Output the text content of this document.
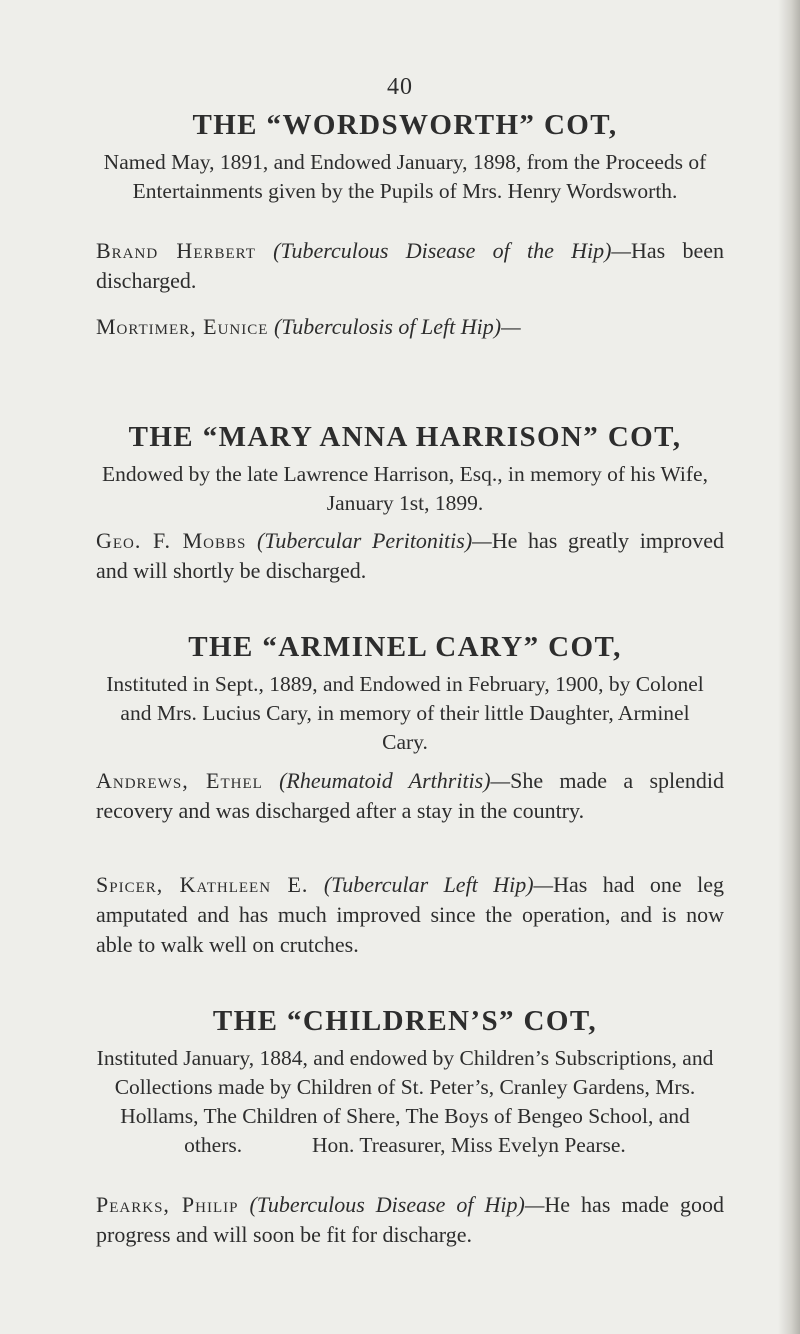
40
THE “WORDSWORTH” COT,

Named May, 1891, and Endowed January, 1898, from the Proceeds of Entertainments given by the Pupils of Mrs. Henry Wordsworth.

Brand Herbert (Tuberculous Disease of the Hip)—Has been discharged.
Mortimer, Eunice (Tuberculosis of Left Hip)—
THE “MARY ANNA HARRISON” COT,

Endowed by the late Lawrence Harrison, Esq., in memory of his Wife, January 1st, 1899.

Geo. F. Mobbs (Tubercular Peritonitis)—He has greatly improved and will shortly be discharged.
THE “ARMINEL CARY” COT,

Instituted in Sept., 1889, and Endowed in February, 1900, by Colonel and Mrs. Lucius Cary, in memory of their little Daughter, Arminel Cary.

Andrews, Ethel (Rheumatoid Arthritis)—She made a splendid recovery and was discharged after a stay in the country.
Spicer, Kathleen E. (Tubercular Left Hip)—Has had one leg amputated and has much improved since the operation, and is now able to walk well on crutches.
THE “CHILDREN’S” COT,

Instituted January, 1884, and endowed by Children’s Subscriptions, and Collections made by Children of St. Peter’s, Cranley Gardens, Mrs. Hollams, The Children of Shere, The Boys of Bengeo School, and others.	Hon. Treasurer, Miss Evelyn Pearse.

Pearks, Philip (Tuberculous Disease of Hip)—He has made good progress and will soon be fit for discharge.
